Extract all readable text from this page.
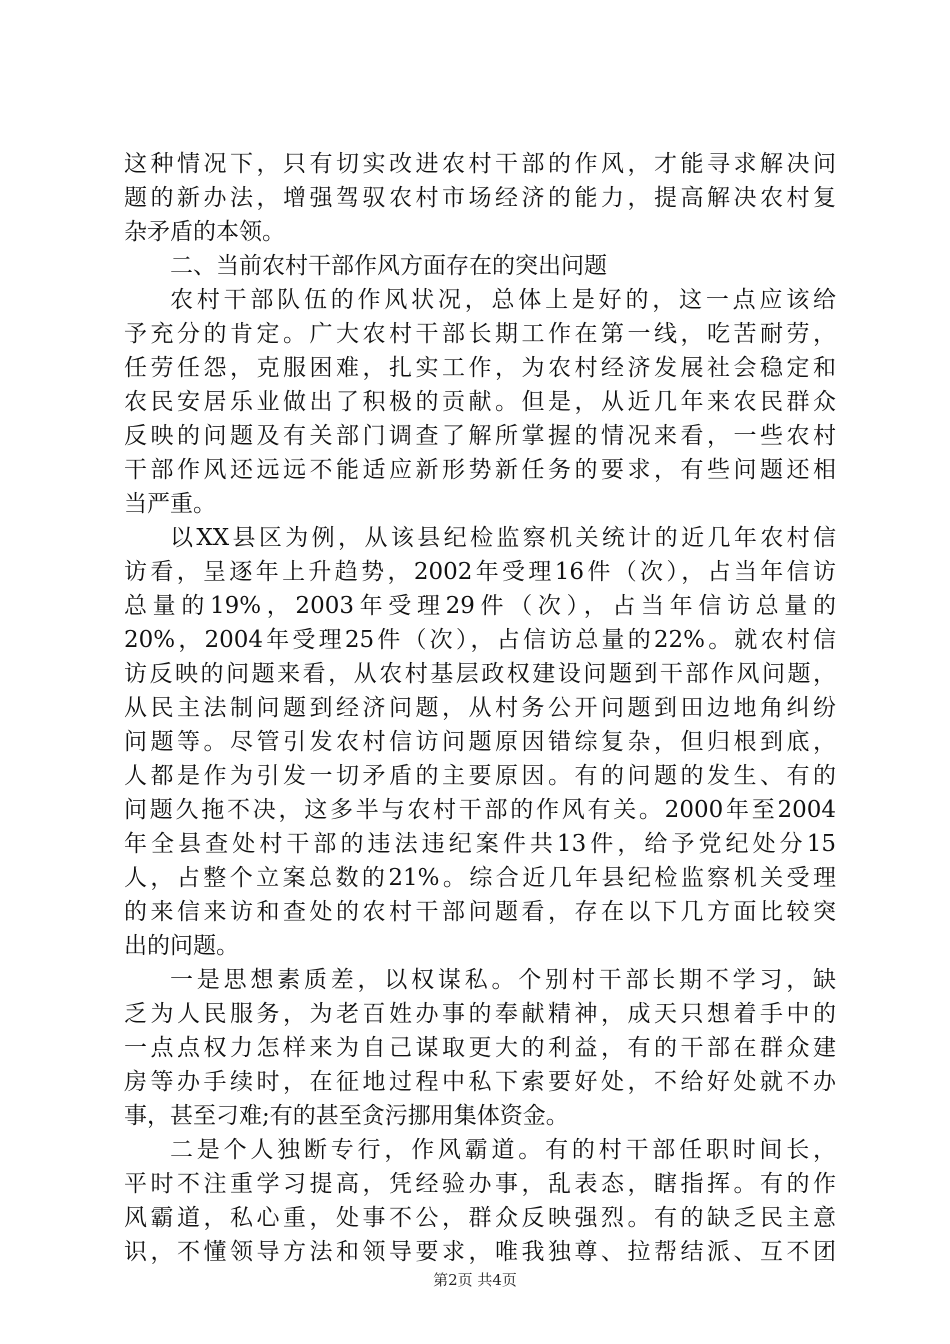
这种情况下，只有切实改进农村干部的作风，才能寻求解决问
题的新办法，增强驾驭农村市场经济的能力，提高解决农村复
杂矛盾的本领。
二、当前农村干部作风方面存在的突出问题
农村干部队伍的作风状况，总体上是好的，这一点应该给
予充分的肯定。广大农村干部长期工作在第一线，吃苦耐劳，
任劳任怨，克服困难，扎实工作，为农村经济发展社会稳定和
农民安居乐业做出了积极的贡献。但是，从近几年来农民群众
反映的问题及有关部门调查了解所掌握的情况来看，一些农村
干部作风还远远不能适应新形势新任务的要求，有些问题还相
当严重。
以XX县区为例，从该县纪检监察机关统计的近几年农村信
访看，呈逐年上升趋势，2002年受理16件（次），占当年信访
总量的19%，2003年受理29件（次），占当年信访总量的
20%，2004年受理25件（次），占信访总量的22%。就农村信
访反映的问题来看，从农村基层政权建设问题到干部作风问题，
从民主法制问题到经济问题，从村务公开问题到田边地角纠纷
问题等。尽管引发农村信访问题原因错综复杂，但归根到底，
人都是作为引发一切矛盾的主要原因。有的问题的发生、有的
问题久拖不决，这多半与农村干部的作风有关。2000年至2004
年全县查处村干部的违法违纪案件共13件，给予党纪处分15
人，占整个立案总数的21%。综合近几年县纪检监察机关受理
的来信来访和查处的农村干部问题看，存在以下几方面比较突
出的问题。
一是思想素质差，以权谋私。个别村干部长期不学习，缺
乏为人民服务，为老百姓办事的奉献精神，成天只想着手中的
一点点权力怎样来为自己谋取更大的利益，有的干部在群众建
房等办手续时，在征地过程中私下索要好处，不给好处就不办
事，甚至刁难;有的甚至贪污挪用集体资金。
二是个人独断专行，作风霸道。有的村干部任职时间长，
平时不注重学习提高，凭经验办事，乱表态，瞎指挥。有的作
风霸道，私心重，处事不公，群众反映强烈。有的缺乏民主意
识，不懂领导方法和领导要求，唯我独尊、拉帮结派、互不团
第2页 共4页
